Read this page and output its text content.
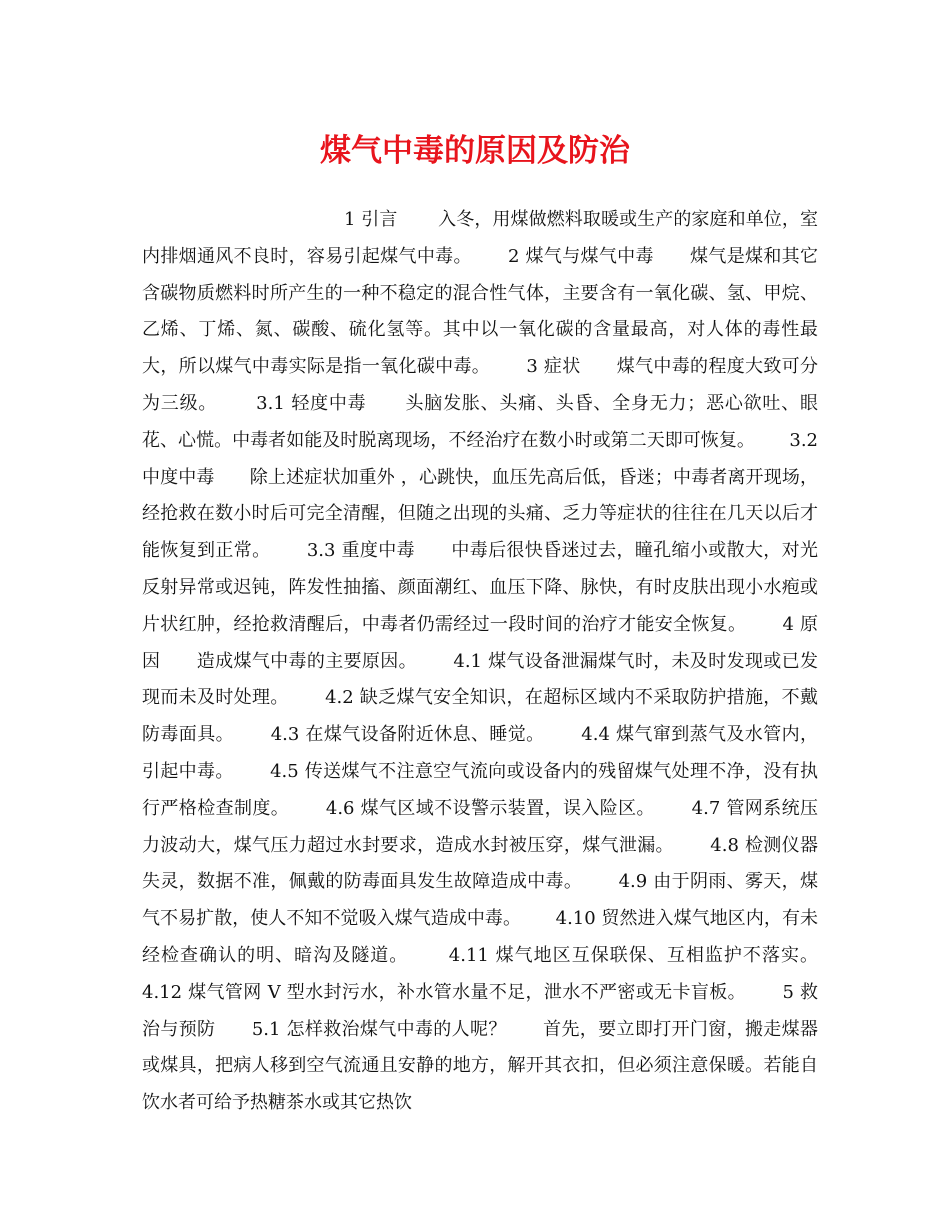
煤气中毒的原因及防治

1 引言       入冬，用煤做燃料取暖或生产的家庭和单位，室内排烟通风不良时，容易引起煤气中毒。      2 煤气与煤气中毒      煤气是煤和其它含碳物质燃料时所产生的一种不稳定的混合性气体，主要含有一氧化碳、氢、甲烷、乙烯、丁烯、氮、碳酸、硫化氢等。其中以一氧化碳的含量最高，对人体的毒性最大，所以煤气中毒实际是指一氧化碳中毒。      3 症状      煤气中毒的程度大致可分为三级。      3.1 轻度中毒      头脑发胀、头痛、头昏、全身无力；恶心欲吐、眼花、心慌。中毒者如能及时脱离现场，不经治疗在数小时或第二天即可恢复。      3.2 中度中毒      除上述症状加重外 ，心跳快，血压先高后低，昏迷；中毒者离开现场，经抢救在数小时后可完全清醒，但随之出现的头痛、乏力等症状的往往在几天以后才能恢复到正常。      3.3 重度中毒      中毒后很快昏迷过去，瞳孔缩小或散大，对光反射异常或迟钝，阵发性抽搐、颜面潮红、血压下降、脉快，有时皮肤出现小水疱或片状红肿，经抢救清醒后，中毒者仍需经过一段时间的治疗才能安全恢复。      4 原因      造成煤气中毒的主要原因。      4.1 煤气设备泄漏煤气时，未及时发现或已发现而未及时处理。      4.2 缺乏煤气安全知识，在超标区域内不采取防护措施，不戴防毒面具。      4.3 在煤气设备附近休息、睡觉。      4.4 煤气窜到蒸气及水管内，引起中毒。      4.5 传送煤气不注意空气流向或设备内的残留煤气处理不净，没有执行严格检查制度。      4.6 煤气区域不设警示装置，误入险区。      4.7 管网系统压力波动大，煤气压力超过水封要求，造成水封被压穿，煤气泄漏。      4.8 检测仪器失灵，数据不准，佩戴的防毒面具发生故障造成中毒。      4.9 由于阴雨、雾天，煤气不易扩散，使人不知不觉吸入煤气造成中毒。      4.10 贸然进入煤气地区内，有未经检查确认的明、暗沟及隧道。      4.11 煤气地区互保联保、互相监护不落实。      4.12 煤气管网 V 型水封污水，补水管水量不足，泄水不严密或无卡盲板。      5 救治与预防      5.1 怎样救治煤气中毒的人呢？      首先，要立即打开门窗，搬走煤器或煤具，把病人移到空气流通且安静的地方，解开其衣扣，但必须注意保暖。若能自饮水者可给予热糖茶水或其它热饮
